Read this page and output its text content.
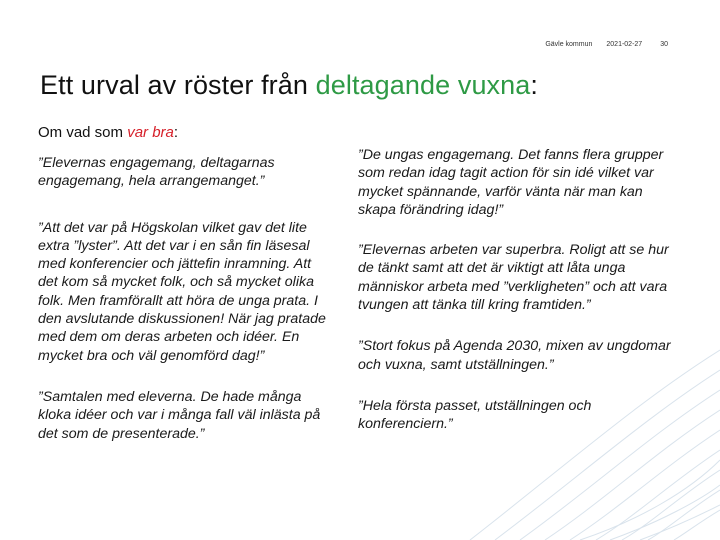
Gävle kommun 2021-02-27	30
Ett urval av röster från deltagande vuxna:
Om vad som var bra:

”Elevernas engagemang, deltagarnas engagemang, hela arrangemanget.”

”Att det var på Högskolan vilket gav det lite extra ”lyster”. Att det var i en sån fin läsesal med konferencier och jättefin inramning. Att det kom så mycket folk, och så mycket olika folk. Men framförallt att höra de unga prata. I den avslutande diskussionen! När jag pratade med dem om deras arbeten och idéer. En mycket bra och väl genomförd dag!”

”Samtalen med eleverna. De hade många kloka idéer och var i många fall väl inlästa på det som de presenterade.”

”De ungas engagemang. Det fanns flera grupper som redan idag tagit action för sin idé vilket var mycket spännande, varför vänta när man kan skapa förändring idag!”

”Elevernas arbeten var superbra. Roligt att se hur de tänkt samt att det är viktigt att låta unga människor arbeta med ”verkligheten” och att vara tvungen att tänka till kring framtiden.”

”Stort fokus på Agenda 2030, mixen av ungdomar och vuxna, samt utställningen.”

”Hela första passet, utställningen och konferenciern.”
